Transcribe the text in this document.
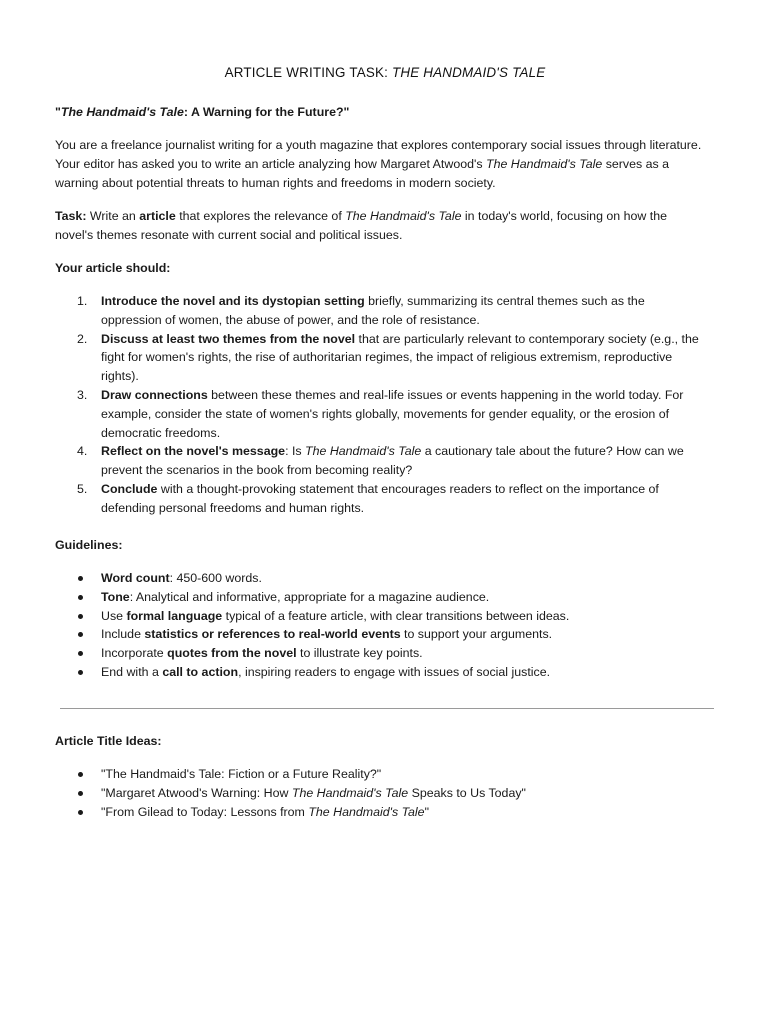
ARTICLE WRITING TASK: THE HANDMAID'S TALE
"The Handmaid's Tale: A Warning for the Future?"
You are a freelance journalist writing for a youth magazine that explores contemporary social issues through literature. Your editor has asked you to write an article analyzing how Margaret Atwood's The Handmaid's Tale serves as a warning about potential threats to human rights and freedoms in modern society.
Task: Write an article that explores the relevance of The Handmaid's Tale in today's world, focusing on how the novel's themes resonate with current social and political issues.
Your article should:
1. Introduce the novel and its dystopian setting briefly, summarizing its central themes such as the oppression of women, the abuse of power, and the role of resistance.
2. Discuss at least two themes from the novel that are particularly relevant to contemporary society (e.g., the fight for women's rights, the rise of authoritarian regimes, the impact of religious extremism, reproductive rights).
3. Draw connections between these themes and real-life issues or events happening in the world today. For example, consider the state of women's rights globally, movements for gender equality, or the erosion of democratic freedoms.
4. Reflect on the novel's message: Is The Handmaid's Tale a cautionary tale about the future? How can we prevent the scenarios in the book from becoming reality?
5. Conclude with a thought-provoking statement that encourages readers to reflect on the importance of defending personal freedoms and human rights.
Guidelines:
Word count: 450-600 words.
Tone: Analytical and informative, appropriate for a magazine audience.
Use formal language typical of a feature article, with clear transitions between ideas.
Include statistics or references to real-world events to support your arguments.
Incorporate quotes from the novel to illustrate key points.
End with a call to action, inspiring readers to engage with issues of social justice.
Article Title Ideas:
"The Handmaid's Tale: Fiction or a Future Reality?"
"Margaret Atwood's Warning: How The Handmaid's Tale Speaks to Us Today"
"From Gilead to Today: Lessons from The Handmaid's Tale"
